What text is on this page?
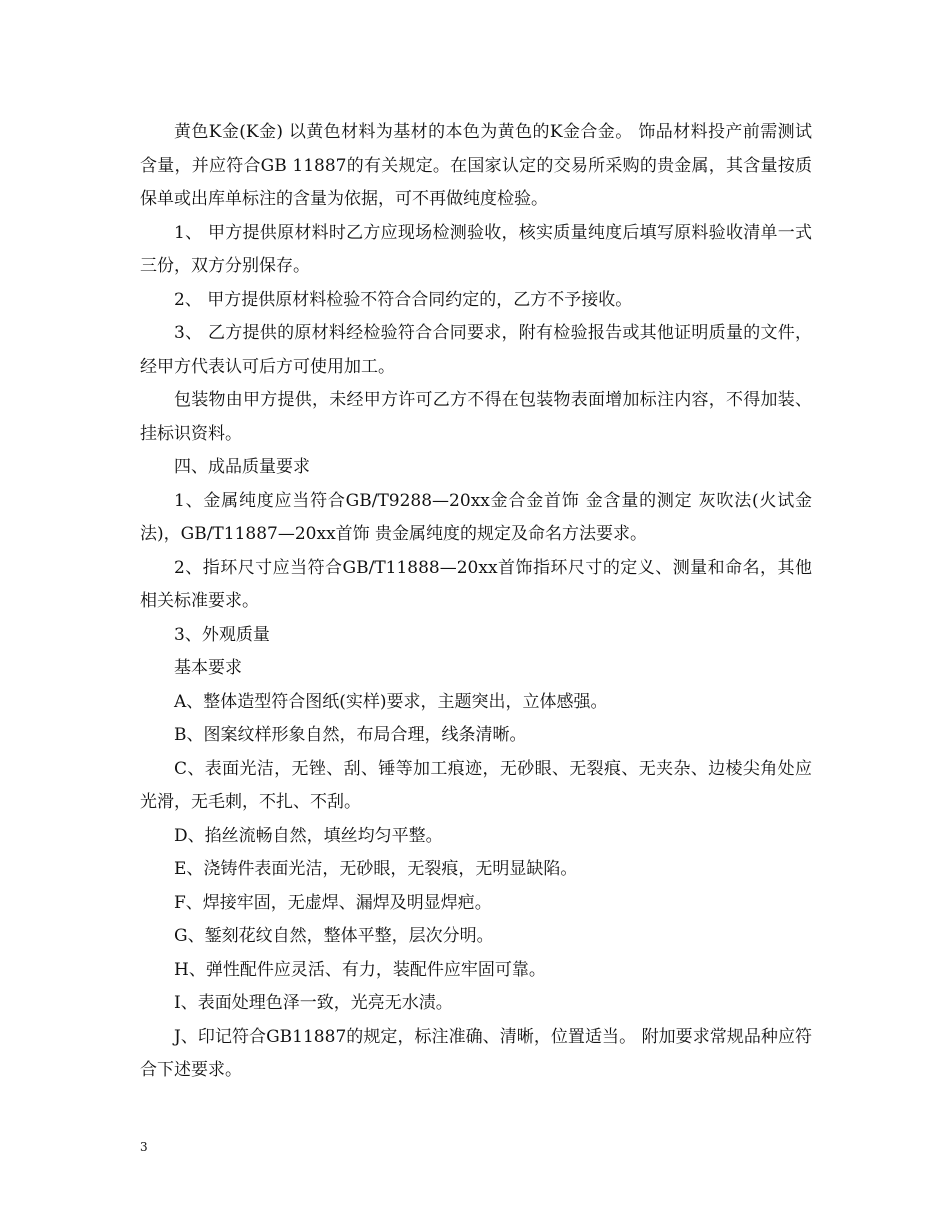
黄色K金(K金) 以黄色材料为基材的本色为黄色的K金合金。 饰品材料投产前需测试含量，并应符合GB 11887的有关规定。在国家认定的交易所采购的贵金属，其含量按质保单或出库单标注的含量为依据，可不再做纯度检验。

1、 甲方提供原材料时乙方应现场检测验收，核实质量纯度后填写原料验收清单一式三份，双方分别保存。

2、 甲方提供原材料检验不符合合同约定的，乙方不予接收。

3、 乙方提供的原材料经检验符合合同要求，附有检验报告或其他证明质量的文件，经甲方代表认可后方可使用加工。

包装物由甲方提供，未经甲方许可乙方不得在包装物表面增加标注内容，不得加装、挂标识资料。

四、成品质量要求

1、金属纯度应当符合GB/T9288—20xx金合金首饰 金含量的测定 灰吹法(火试金法)，GB/T11887—20xx首饰 贵金属纯度的规定及命名方法要求。

2、指环尺寸应当符合GB/T11888—20xx首饰指环尺寸的定义、测量和命名，其他相关标准要求。

3、外观质量

基本要求

A、整体造型符合图纸(实样)要求，主题突出，立体感强。

B、图案纹样形象自然，布局合理，线条清晰。

C、表面光洁，无锉、刮、锤等加工痕迹，无砂眼、无裂痕、无夹杂、边棱尖角处应光滑，无毛刺，不扎、不刮。

D、掐丝流畅自然，填丝均匀平整。

E、浇铸件表面光洁，无砂眼，无裂痕，无明显缺陷。

F、焊接牢固，无虚焊、漏焊及明显焊疤。

G、錾刻花纹自然，整体平整，层次分明。

H、弹性配件应灵活、有力，装配件应牢固可靠。

I、表面处理色泽一致，光亮无水渍。

J、印记符合GB11887的规定，标注准确、清晰，位置适当。 附加要求常规品种应符合下述要求。

3
